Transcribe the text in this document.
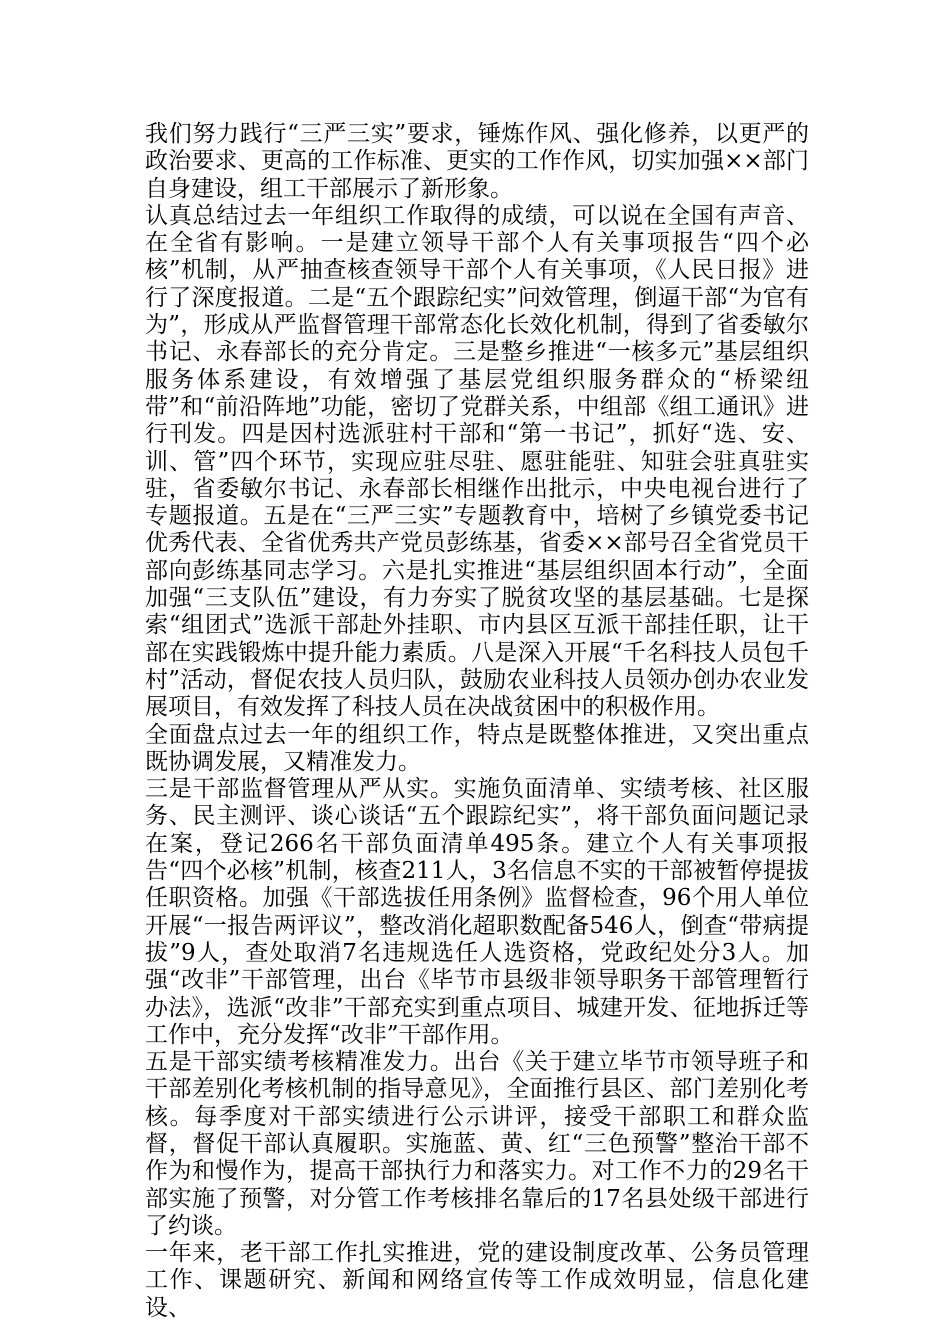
我们努力践行“三严三实”要求，锤炼作风、强化修养，以更严的政治要求、更高的工作标准、更实的工作作风，切实加强××部门自身建设，组工干部展示了新形象。

认真总结过去一年组织工作取得的成绩，可以说在全国有声音、在全省有影响。一是建立领导干部个人有关事项报告“四个必核”机制，从严抽查核查领导干部个人有关事项，《人民日报》进行了深度报道。二是“五个跟踪纪实”问效管理，倒逼干部“为官有为”，形成从严监督管理干部常态化长效化机制，得到了省委敏尔书记、永春部长的充分肯定。三是整乡推进“一核多元”基层组织服务体系建设，有效增强了基层党组织服务群众的“桥梁纽带”和“前沿阵地”功能，密切了党群关系，中组部《组工通讯》进行刊发。四是因村选派驻村干部和“第一书记”，抓好“选、安、训、管”四个环节，实现应驻尽驻、愿驻能驻、知驻会驻真驻实驻，省委敏尔书记、永春部长相继作出批示，中央电视台进行了专题报道。五是在“三严三实”专题教育中，培树了乡镇党委书记优秀代表、全省优秀共产党员彭练基，省委××部号召全省党员干部向彭练基同志学习。六是扎实推进“基层组织固本行动”，全面加强“三支队伍”建设，有力夯实了脱贫攻坚的基层基础。七是探索“组团式”选派干部赴外挂职、市内县区互派干部挂任职，让干部在实践锻炼中提升能力素质。八是深入开展“千名科技人员包千村”活动，督促农技人员归队，鼓励农业科技人员领办创办农业发展项目，有效发挥了科技人员在决战贫困中的积极作用。

全面盘点过去一年的组织工作，特点是既整体推进，又突出重点既协调发展，又精准发力。

三是干部监督管理从严从实。实施负面清单、实绩考核、社区服务、民主测评、谈心谈话“五个跟踪纪实”，将干部负面问题记录在案，登记266名干部负面清单495条。建立个人有关事项报告“四个必核”机制，核查211人，3名信息不实的干部被暂停提拔任职资格。加强《干部选拔任用条例》监督检查，96个用人单位开展“一报告两评议”，整改消化超职数配备546人，倒查“带病提拔”9人，查处取消7名违规选任人选资格，党政纪处分3人。加强“改非”干部管理，出台《毕节市县级非领导职务干部管理暂行办法》，选派“改非”干部充实到重点项目、城建开发、征地拆迁等工作中，充分发挥“改非”干部作用。

五是干部实绩考核精准发力。出台《关于建立毕节市领导班子和干部差别化考核机制的指导意见》，全面推行县区、部门差别化考核。每季度对干部实绩进行公示讲评，接受干部职工和群众监督，督促干部认真履职。实施蓝、黄、红“三色预警”整治干部不作为和慢作为，提高干部执行力和落实力。对工作不力的29名干部实施了预警，对分管工作考核排名靠后的17名县处级干部进行了约谈。

一年来，老干部工作扎实推进，党的建设制度改革、公务员管理工作、课题研究、新闻和网络宣传等工作成效明显，信息化建设、
